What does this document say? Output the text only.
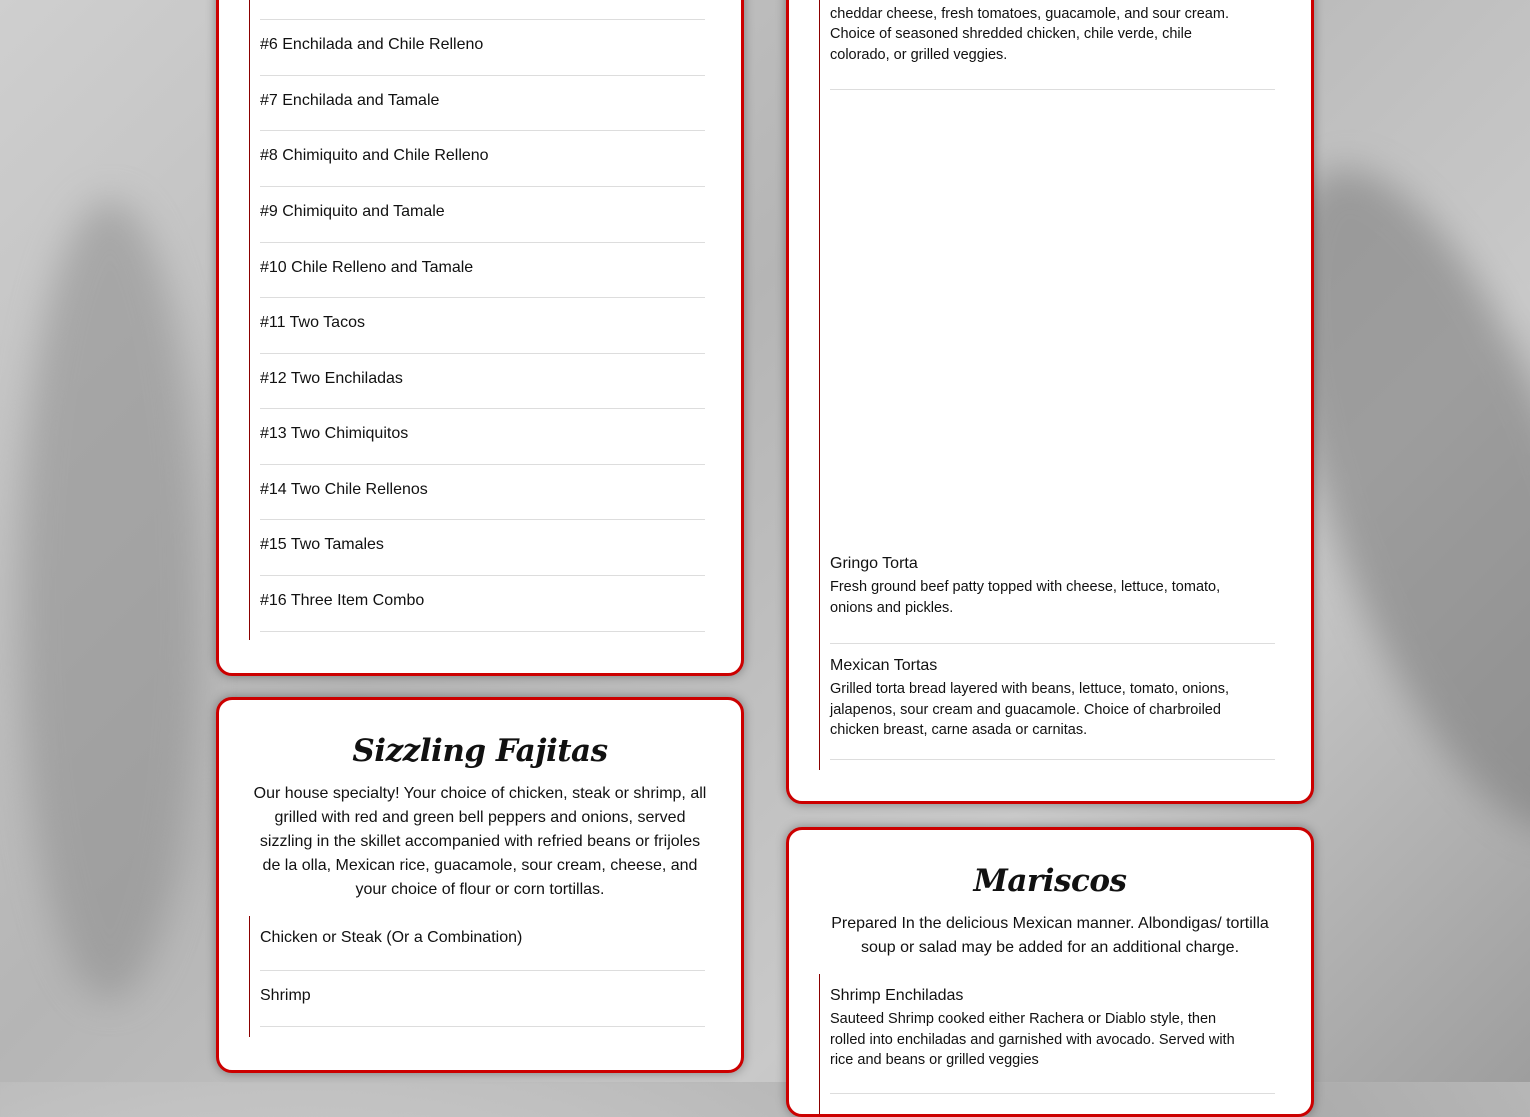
#6 Enchilada and Chile Relleno
#7 Enchilada and Tamale
#8 Chimiquito and Chile Relleno
#9 Chimiquito and Tamale
#10 Chile Relleno and Tamale
#11 Two Tacos
#12 Two Enchiladas
#13 Two Chimiquitos
#14 Two Chile Rellenos
#15 Two Tamales
#16 Three Item Combo
Sizzling Fajitas
Our house specialty! Your choice of chicken, steak or shrimp, all grilled with red and green bell peppers and onions, served sizzling in the skillet accompanied with refried beans or frijoles de la olla, Mexican rice, guacamole, sour cream, cheese, and your choice of flour or corn tortillas.
Chicken or Steak (Or a Combination)
Shrimp
cheddar cheese, fresh tomatoes, guacamole, and sour cream. Choice of seasoned shredded chicken, chile verde, chile colorado, or grilled veggies.
Gringo Torta
Fresh ground beef patty topped with cheese, lettuce, tomato, onions and pickles.
Mexican Tortas
Grilled torta bread layered with beans, lettuce, tomato, onions, jalapenos, sour cream and guacamole. Choice of charbroiled chicken breast, carne asada or carnitas.
Mariscos
Prepared In the delicious Mexican manner. Albondigas/ tortilla soup or salad may be added for an additional charge.
Shrimp Enchiladas
Sauteed Shrimp cooked either Rachera or Diablo style, then rolled into enchiladas and garnished with avocado. Served with rice and beans or grilled veggies
